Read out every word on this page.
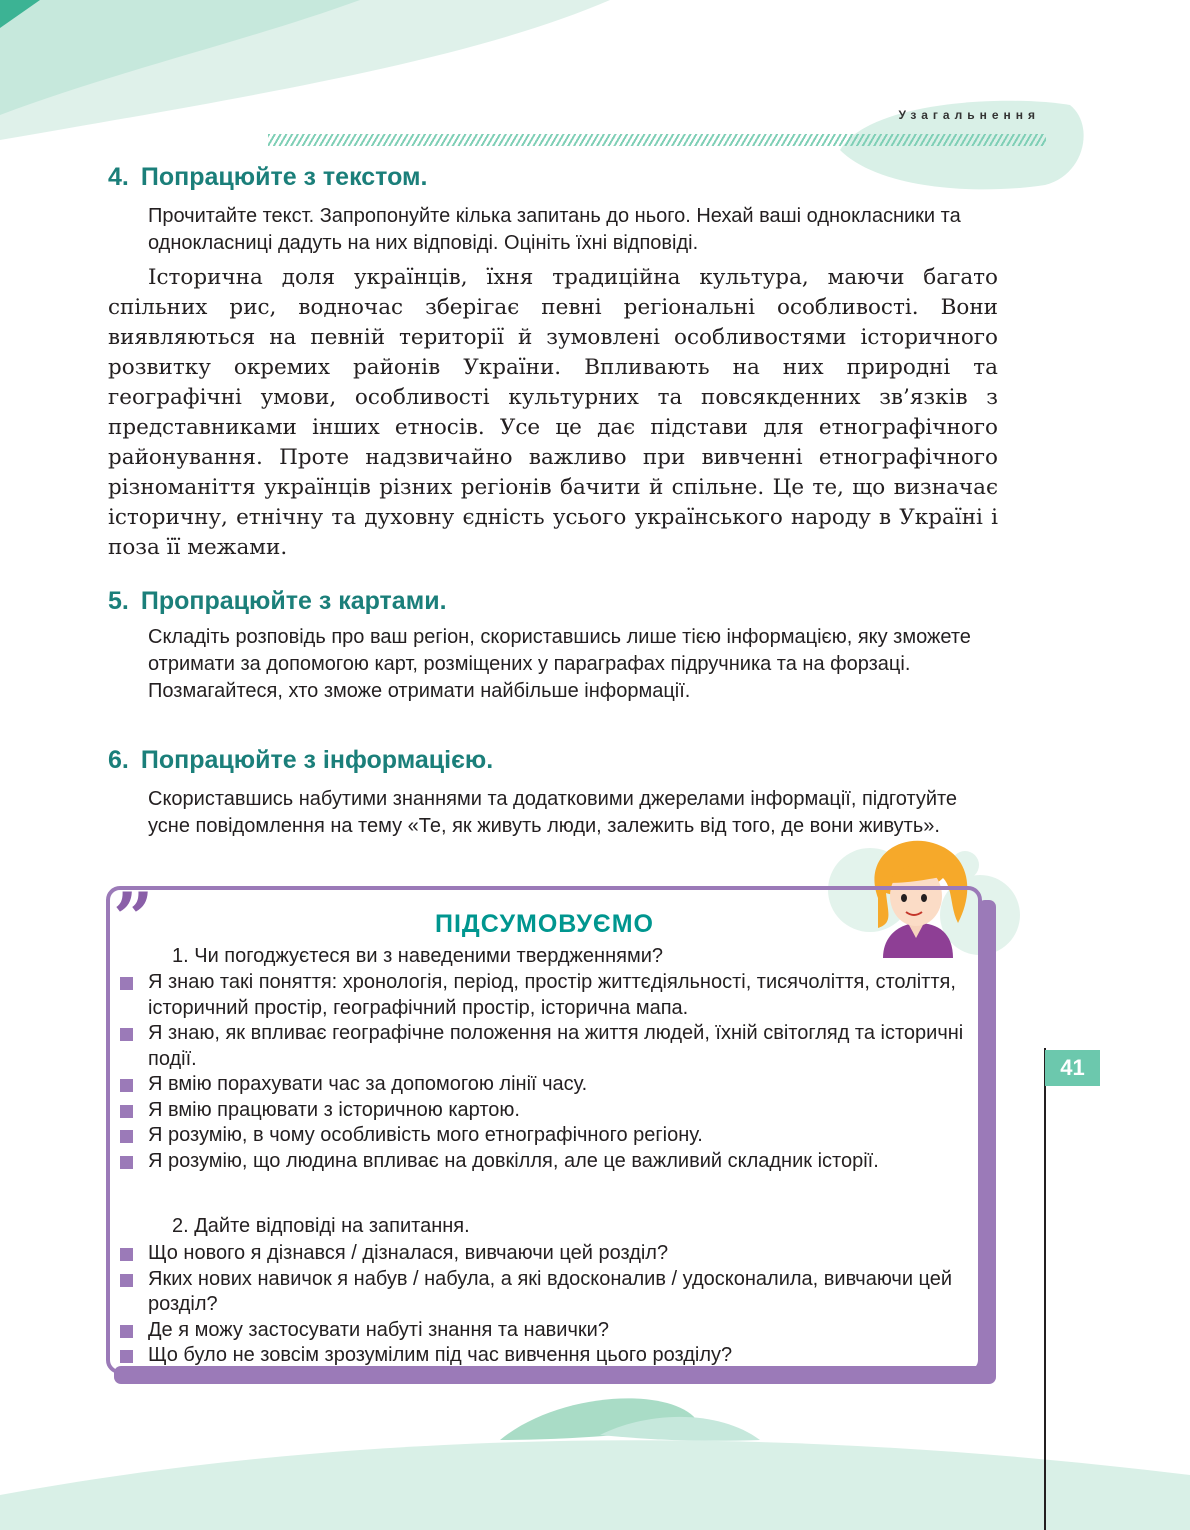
Узагальнення
4. Попрацюйте з текстом.
Прочитайте текст. Запропонуйте кілька запитань до нього. Нехай ваші однокласники та однокласниці дадуть на них відповіді. Оцініть їхні відповіді.
Історична доля українців, їхня традиційна культура, маючи багато спільних рис, водночас зберігає певні регіональні особливості. Вони виявляються на певній території й зумовлені особливостями історичного розвитку окремих районів України. Впливають на них природні та географічні умови, особливості культурних та повсякденних зв’язків з представниками інших етносів. Усе це дає підстави для етнографічного районування. Проте надзвичайно важливо при вивченні етнографічного різноманіття українців різних регіонів бачити й спільне. Це те, що визначає історичну, етнічну та духовну єдність усього українського народу в Україні і поза її межами.
5. Пропрацюйте з картами.
Складіть розповідь про ваш регіон, скориставшись лише тією інформацією, яку зможете отримати за допомогою карт, розміщених у параграфах підручника та на форзаці. Позмагайтеся, хто зможе отримати найбільше інформації.
6. Попрацюйте з інформацією.
Скориставшись набутими знаннями та додатковими джерелами інформації, підготуйте усне повідомлення на тему «Те, як живуть люди, залежить від того, де вони живуть».
”	ПІДСУМОВУЄМО
1. Чи погоджуєтеся ви з наведеними твердженнями?
Я знаю такі поняття: хронологія, період, простір життєдіяльності, тисячоліття, століття, історичний простір, географічний простір, історична мапа.
Я знаю, як впливає географічне положення на життя людей, їхній світогляд та історичні події.
Я вмію порахувати час за допомогою лінії часу.
Я вмію працювати з історичною картою.
Я розумію, в чому особливість мого етнографічного регіону.
Я розумію, що людина впливає на довкілля, але це важливий складник історії.
2. Дайте відповіді на запитання.
Що нового я дізнався / дізналася, вивчаючи цей розділ?
Яких нових навичок я набув / набула, а які вдосконалив / удосконалила, вивчаючи цей розділ?
Де я можу застосувати набуті знання та навички?
Що було не зовсім зрозумілим під час вивчення цього розділу?
41
